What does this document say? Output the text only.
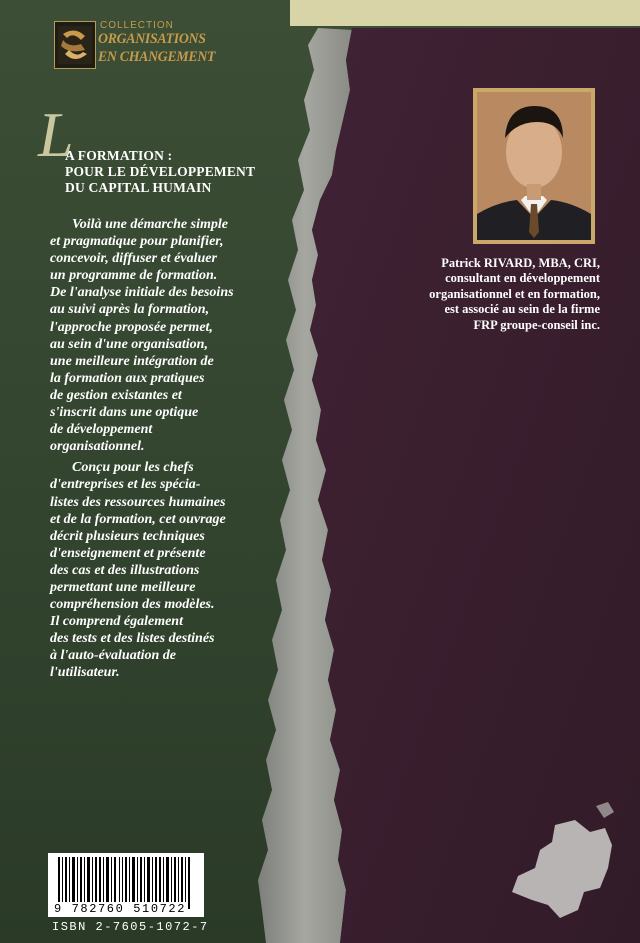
COLLECTION
ORGANISATIONS
EN CHANGEMENT
L
A FORMATION :
POUR LE DÉVELOPPEMENT
DU CAPITAL HUMAIN

Voilà une démarche simple
et pragmatique pour planifier,
concevoir, diffuser et évaluer
un programme de formation.
De l'analyse initiale des besoins
au suivi après la formation,
l'approche proposée permet,
au sein d'une organisation,
une meilleure intégration de
la formation aux pratiques
de gestion existantes et
s'inscrit dans une optique
de développement
organisationnel.

Conçu pour les chefs
d'entreprises et les spécia-
listes des ressources humaines
et de la formation, cet ouvrage
décrit plusieurs techniques
d'enseignement et présente
des cas et des illustrations
permettant une meilleure
compréhension des modèles.
Il comprend également
des tests et des listes destinés
à l'auto-évaluation de
l'utilisateur.

Patrick RIVARD, MBA, CRI,
consultant en développement
organisationnel et en formation,
est associé au sein de la firme
FRP groupe-conseil inc.
9 782760 510722
ISBN 2-7605-1072-7
